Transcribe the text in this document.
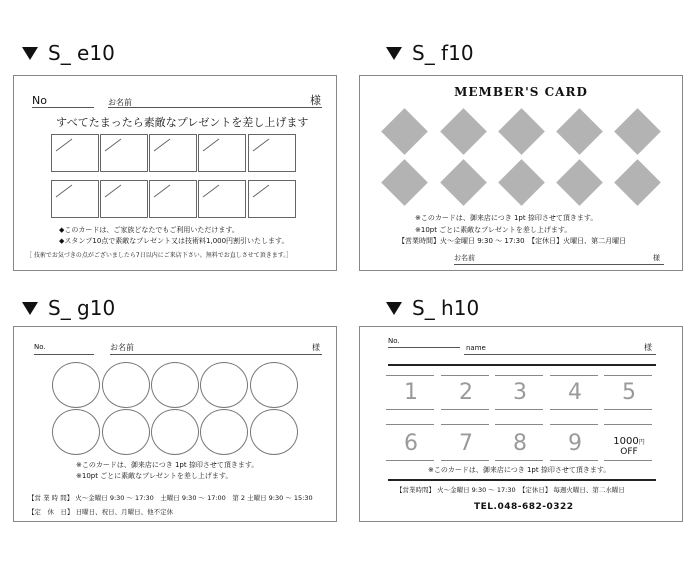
S_ e10
No	お名前	様
すべてたまったら素敵なプレゼントを差し上げます
◆このカードは、ご家族どなたでもご利用いただけます。
◆スタンプ10点で素敵なプレゼント又は技術料1,000円割引いたします。
［ 技術でお気づきの点がございましたら7日以内にご来店下さい。無料でお直しさせて頂きます。］
S_ f10
MEMBER'S CARD
※このカードは、御来店につき 1pt 捺印させて頂きます。
※10pt ごとに素敵なプレゼントを差し上げます。
【営業時間】火～金曜日 9:30 ～ 17:30　【定休日】火曜日、第二月曜日
お名前	様
S_ g10
No.	お名前	様
※このカードは、御来店につき 1pt 捺印させて頂きます。
※10pt ごとに素敵なプレゼントを差し上げます。
【営 業 時 間】 火～金曜日 9:30 ～ 17:30　土曜日 9:30 ～ 17:00　第 2 土曜日 9:30 ～ 15:30
【定　休　日】 日曜日、祝日、月曜日、他不定休
S_ h10
No.
name	様
1	2	3	4	5
6	7	8	9	1000円
OFF
※このカードは、御来店につき 1pt 捺印させて頂きます。
【営業時間】 火～金曜日 9:30 ～ 17:30　【定休日】 毎週火曜日、第二水曜日
TEL.048-682-0322
